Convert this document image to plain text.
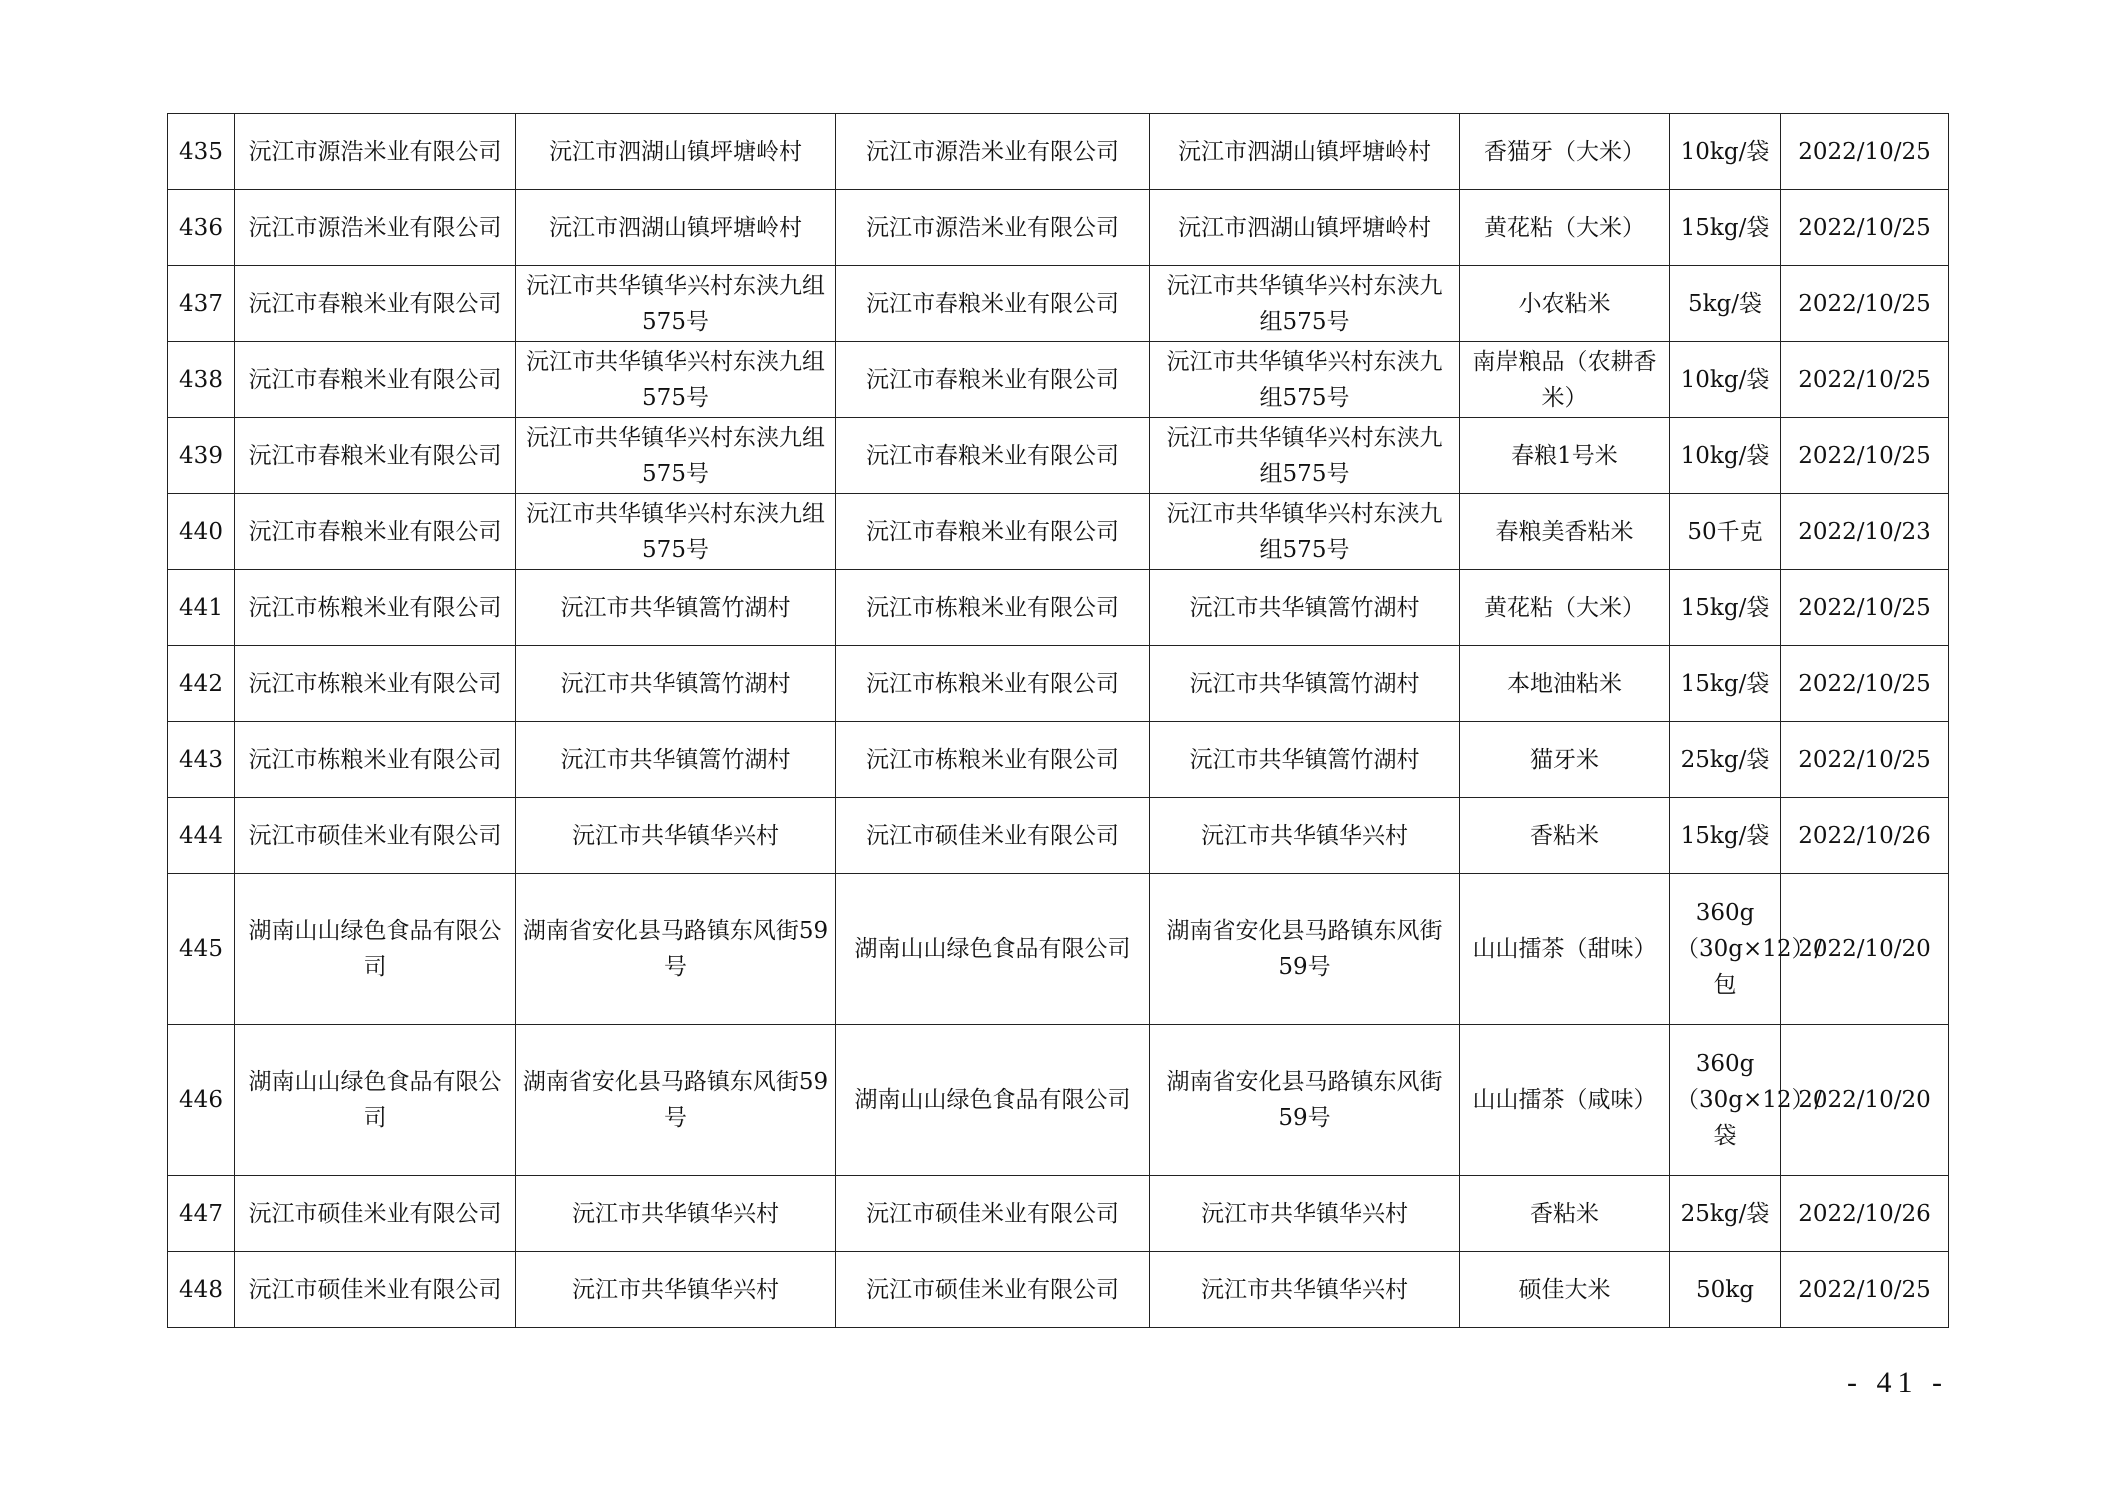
435	沅江市源浩米业有限公司	沅江市泗湖山镇坪塘岭村	沅江市源浩米业有限公司	沅江市泗湖山镇坪塘岭村	香猫牙（大米）	10kg/袋	2022/10/25
436	沅江市源浩米业有限公司	沅江市泗湖山镇坪塘岭村	沅江市源浩米业有限公司	沅江市泗湖山镇坪塘岭村	黄花粘（大米）	15kg/袋	2022/10/25
437	沅江市春粮米业有限公司	沅江市共华镇华兴村东浃九组575号	沅江市春粮米业有限公司	沅江市共华镇华兴村东浃九组575号	小农粘米	5kg/袋	2022/10/25
438	沅江市春粮米业有限公司	沅江市共华镇华兴村东浃九组575号	沅江市春粮米业有限公司	沅江市共华镇华兴村东浃九组575号	南岸粮品（农耕香米）	10kg/袋	2022/10/25
439	沅江市春粮米业有限公司	沅江市共华镇华兴村东浃九组575号	沅江市春粮米业有限公司	沅江市共华镇华兴村东浃九组575号	春粮1号米	10kg/袋	2022/10/25
440	沅江市春粮米业有限公司	沅江市共华镇华兴村东浃九组575号	沅江市春粮米业有限公司	沅江市共华镇华兴村东浃九组575号	春粮美香粘米	50千克	2022/10/23
441	沅江市栋粮米业有限公司	沅江市共华镇篙竹湖村	沅江市栋粮米业有限公司	沅江市共华镇篙竹湖村	黄花粘（大米）	15kg/袋	2022/10/25
442	沅江市栋粮米业有限公司	沅江市共华镇篙竹湖村	沅江市栋粮米业有限公司	沅江市共华镇篙竹湖村	本地油粘米	15kg/袋	2022/10/25
443	沅江市栋粮米业有限公司	沅江市共华镇篙竹湖村	沅江市栋粮米业有限公司	沅江市共华镇篙竹湖村	猫牙米	25kg/袋	2022/10/25
444	沅江市硕佳米业有限公司	沅江市共华镇华兴村	沅江市硕佳米业有限公司	沅江市共华镇华兴村	香粘米	15kg/袋	2022/10/26
445	湖南山山绿色食品有限公司	湖南省安化县马路镇东风街59号	湖南山山绿色食品有限公司	湖南省安化县马路镇东风街59号	山山擂茶（甜味）	360g（30g×12）/包	2022/10/20
446	湖南山山绿色食品有限公司	湖南省安化县马路镇东风街59号	湖南山山绿色食品有限公司	湖南省安化县马路镇东风街59号	山山擂茶（咸味）	360g（30g×12）/袋	2022/10/20
447	沅江市硕佳米业有限公司	沅江市共华镇华兴村	沅江市硕佳米业有限公司	沅江市共华镇华兴村	香粘米	25kg/袋	2022/10/26
448	沅江市硕佳米业有限公司	沅江市共华镇华兴村	沅江市硕佳米业有限公司	沅江市共华镇华兴村	硕佳大米	50kg	2022/10/25
- 41 -
